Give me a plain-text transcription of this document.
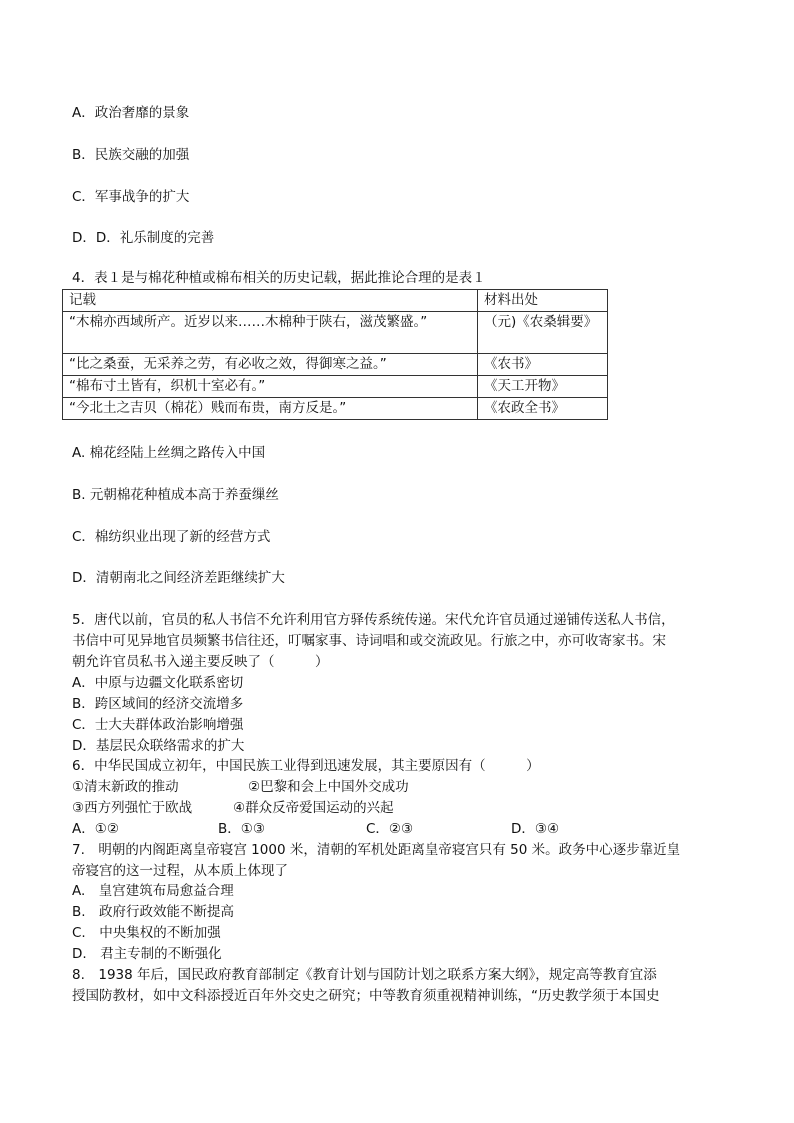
A．政治奢靡的景象
B．民族交融的加强
C．军事战争的扩大
D．D．礼乐制度的完善
4．表１是与棉花种植或棉布相关的历史记载，据此推论合理的是表１
记载	材料出处
“木棉亦西域所产。近岁以来……木棉种于陕右，滋茂繁盛。”	（元)《农桑辑要》
“比之桑蚕，无采养之劳，有必收之效，得御寒之益。”	《农书》
“棉布寸土皆有，织机十室必有。”	《天工开物》
“今北土之吉贝（棉花）贱而布贵，南方反是。”	《农政全书》
A. 棉花经陆上丝绸之路传入中国
B. 元朝棉花种植成本高于养蚕缫丝
C．棉纺织业出现了新的经营方式
D．清朝南北之间经济差距继续扩大
5．唐代以前，官员的私人书信不允许利用官方驿传系统传递。宋代允许官员通过递铺传送私人书信，
书信中可见异地官员频繁书信往还，叮嘱家事、诗词唱和或交流政见。行旅之中，亦可收寄家书。宋
朝允许官员私书入递主要反映了（　　　）
A．中原与边疆文化联系密切
B．跨区域间的经济交流增多
C．士大夫群体政治影响增强
D．基层民众联络需求的扩大
6．中华民国成立初年，中国民族工业得到迅速发展，其主要原因有（　　　）
①清末新政的推动	②巴黎和会上中国外交成功
③西方列强忙于欧战	④群众反帝爱国运动的兴起
A．①②	B．①③	C．②③	D．③④
7.　明朝的内阁距离皇帝寝宫 1000 米，清朝的军机处距离皇帝寝宫只有 50 米。政务中心逐步靠近皇
帝寝宫的这一过程，从本质上体现了
A.　皇宫建筑布局愈益合理
B.　政府行政效能不断提高
C.　中央集权的不断加强
D.　君主专制的不断强化
8.　1938 年后，国民政府教育部制定《教育计划与国防计划之联系方案大纲》，规定高等教育宜添
授国防教材，如中文科添授近百年外交史之研究；中等教育须重视精神训练，“历史教学须于本国史
